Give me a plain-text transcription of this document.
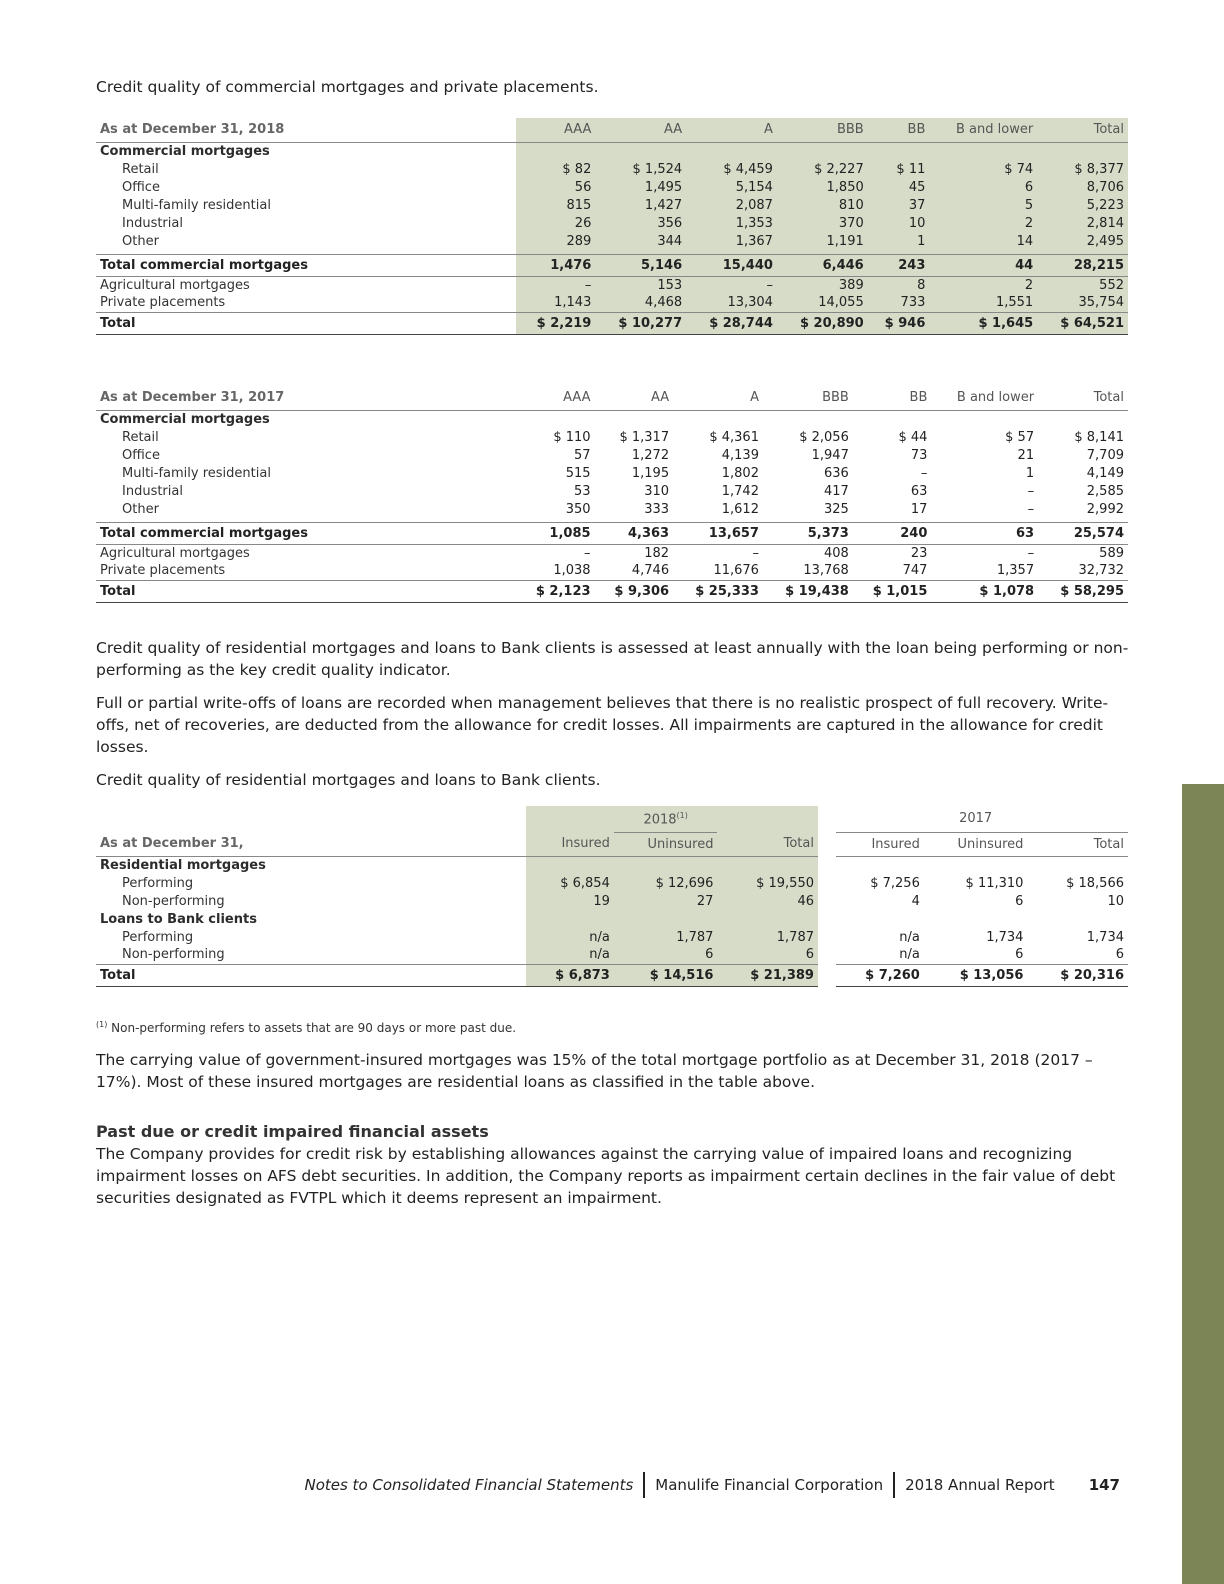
Credit quality of commercial mortgages and private placements.

As at December 31, 2018	AAA	AA	A	BBB	BB	B and lower	Total
Commercial mortgages							
Retail	$ 82	$ 1,524	$ 4,459	$ 2,227	$ 11	$ 74	$ 8,377
Office	56	1,495	5,154	1,850	45	6	8,706
Multi-family residential	815	1,427	2,087	810	37	5	5,223
Industrial	26	356	1,353	370	10	2	2,814
Other	289	344	1,367	1,191	1	14	2,495

Total commercial mortgages	1,476	5,146	15,440	6,446	243	44	28,215
Agricultural mortgages	–	153	–	389	8	2	552
Private placements	1,143	4,468	13,304	14,055	733	1,551	35,754
Total	$ 2,219	$ 10,277	$ 28,744	$ 20,890	$ 946	$ 1,645	$ 64,521
As at December 31, 2017	AAA	AA	A	BBB	BB	B and lower	Total
Commercial mortgages							
Retail	$ 110	$ 1,317	$ 4,361	$ 2,056	$ 44	$ 57	$ 8,141
Office	57	1,272	4,139	1,947	73	21	7,709
Multi-family residential	515	1,195	1,802	636	–	1	4,149
Industrial	53	310	1,742	417	63	–	2,585
Other	350	333	1,612	325	17	–	2,992

Total commercial mortgages	1,085	4,363	13,657	5,373	240	63	25,574
Agricultural mortgages	–	182	–	408	23	–	589
Private placements	1,038	4,746	11,676	13,768	747	1,357	32,732
Total	$ 2,123	$ 9,306	$ 25,333	$ 19,438	$ 1,015	$ 1,078	$ 58,295

Credit quality of residential mortgages and loans to Bank clients is assessed at least annually with the loan being performing or non-performing as the key credit quality indicator.

Full or partial write-offs of loans are recorded when management believes that there is no realistic prospect of full recovery. Write-offs, net of recoveries, are deducted from the allowance for credit losses. All impairments are captured in the allowance for credit losses.

Credit quality of residential mortgages and loans to Bank clients.

		2018$^{(1)}$				2017	
As at December 31,	Insured	Uninsured	Total		Insured	Uninsured	Total
Residential mortgages							
Performing	$ 6,854	$ 12,696	$ 19,550		$ 7,256	$ 11,310	$ 18,566
Non-performing	19	27	46		4	6	10
Loans to Bank clients							
Performing	n/a	1,787	1,787		n/a	1,734	1,734
Non-performing	n/a	6	6		n/a	6	6
Total	$ 6,873	$ 14,516	$ 21,389		$ 7,260	$ 13,056	$ 20,316

$^{(1)}$ Non-performing refers to assets that are 90 days or more past due.

The carrying value of government-insured mortgages was 15% of the total mortgage portfolio as at December 31, 2018 (2017 – 17%). Most of these insured mortgages are residential loans as classified in the table above.

Past due or credit impaired financial assets

The Company provides for credit risk by establishing allowances against the carrying value of impaired loans and recognizing impairment losses on AFS debt securities. In addition, the Company reports as impairment certain declines in the fair value of debt securities designated as FVTPL which it deems represent an impairment.

Notes to Consolidated Financial Statements Manulife Financial Corporation 2018 Annual Report 147
